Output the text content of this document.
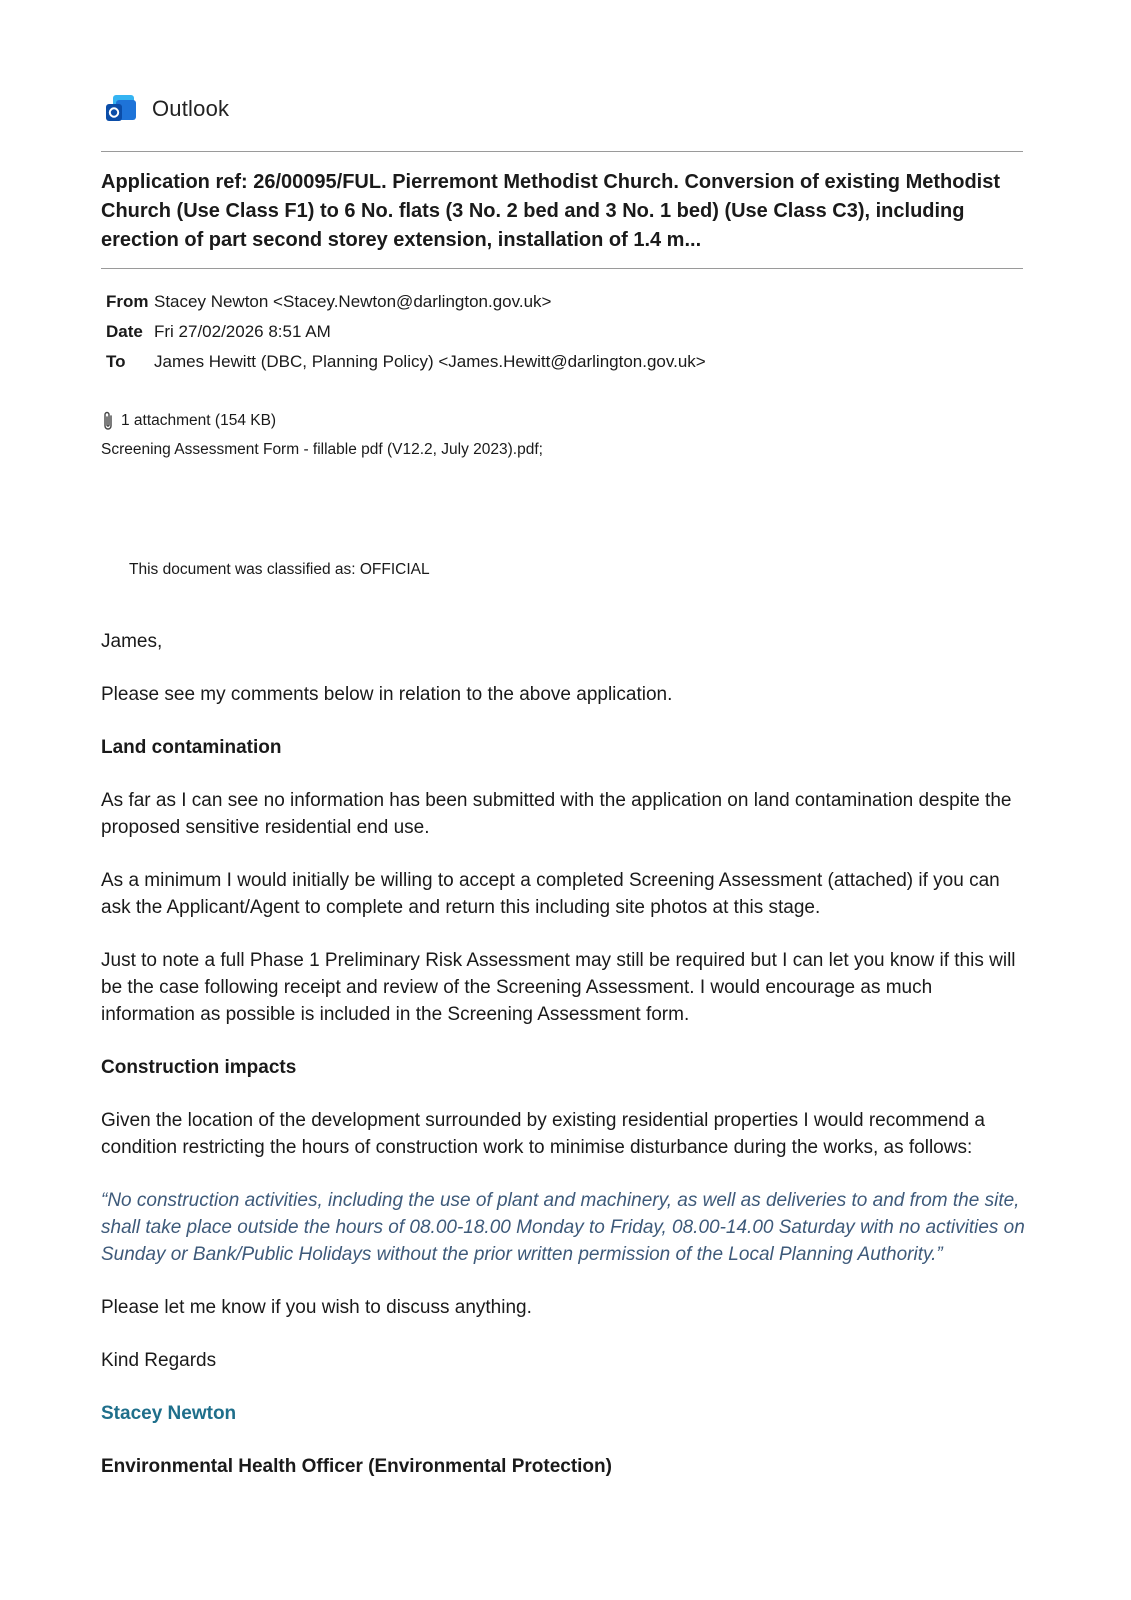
Outlook
Application ref: 26/00095/FUL. Pierremont Methodist Church. Conversion of existing Methodist Church (Use Class F1) to 6 No. flats (3 No. 2 bed and 3 No. 1 bed) (Use Class C3), including erection of part second storey extension, installation of 1.4 m...
From Stacey Newton <Stacey.Newton@darlington.gov.uk>
Date Fri 27/02/2026 8:51 AM
To	James Hewitt (DBC, Planning Policy) <James.Hewitt@darlington.gov.uk>
1 attachment (154 KB)
Screening Assessment Form - fillable pdf (V12.2, July 2023).pdf;
This document was classified as: OFFICIAL

James,

Please see my comments below in relation to the above application.

Land contamination

As far as I can see no information has been submitted with the application on land contamination despite the proposed sensitive residential end use.

As a minimum I would initially be willing to accept a completed Screening Assessment (attached) if you can ask the Applicant/Agent to complete and return this including site photos at this stage.

Just to note a full Phase 1 Preliminary Risk Assessment may still be required but I can let you know if this will be the case following receipt and review of the Screening Assessment. I would encourage as much information as possible is included in the Screening Assessment form.

Construction impacts

Given the location of the development surrounded by existing residential properties I would recommend a condition restricting the hours of construction work to minimise disturbance during the works, as follows:

“No construction activities, including the use of plant and machinery, as well as deliveries to and from the site, shall take place outside the hours of 08.00-18.00 Monday to Friday, 08.00-14.00 Saturday with no activities on Sunday or Bank/Public Holidays without the prior written permission of the Local Planning Authority.”

Please let me know if you wish to discuss anything.

Kind Regards

Stacey Newton

Environmental Health Officer (Environmental Protection)
